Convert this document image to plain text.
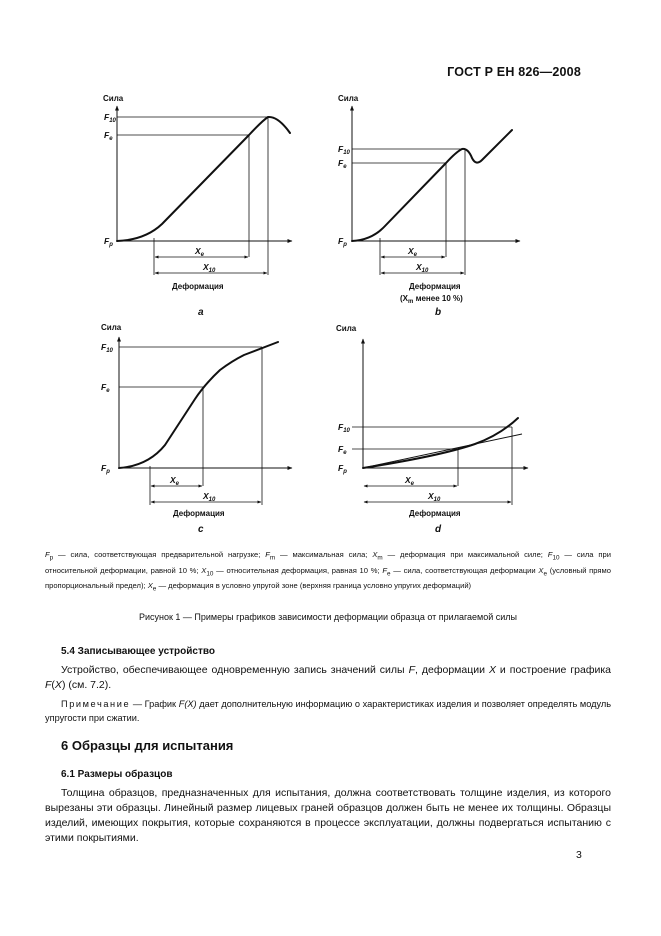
ГОСТ Р ЕН 826—2008
Сила
$F_{10}$
$F_e$
$F_p$
$X_e$
$X_{10}$
Деформация
a
Сила
$F_{10}$
$F_e$
$F_p$
$X_e$
$X_{10}$
Деформация
($X_m$ менее 10 %)
b
Сила
$F_{10}$
$F_e$
$F_p$
$X_e$
$X_{10}$
Деформация
c
Сила
$F_{10}$
$F_e$
$F_p$
$X_e$
$X_{10}$
Деформация
d
$F_p$ — сила, соответствующая предварительной нагрузке; $F_m$ — максимальная сила; $X_m$ — деформация при максимальной силе; $F_{10}$ — сила при относительной деформации, равной 10 %; $X_{10}$ — относительная деформация, равная 10 %; $F_e$ — сила, соответствующая деформации $X_e$ (условный прямо пропорциональный предел); $X_e$ — деформация в условно упругой зоне (верхняя граница условно упругих деформаций)
Рисунок 1 — Примеры графиков зависимости деформации образца от прилагаемой силы
5.4 Записывающее устройство
Устройство, обеспечивающее одновременную запись значений силы F, деформации X и построение графика F(X) (см. 7.2).
Примечание — График F(X) дает дополнительную информацию о характеристиках изделия и позволяет определять модуль упругости при сжатии.
6 Образцы для испытания
6.1 Размеры образцов
Толщина образцов, предназначенных для испытания, должна соответствовать толщине изделия, из которого вырезаны эти образцы. Линейный размер лицевых граней образцов должен быть не менее их толщины. Образцы изделий, имеющих покрытия, которые сохраняются в процессе эксплуатации, должны подвергаться испытанию с этими покрытиями.
3
